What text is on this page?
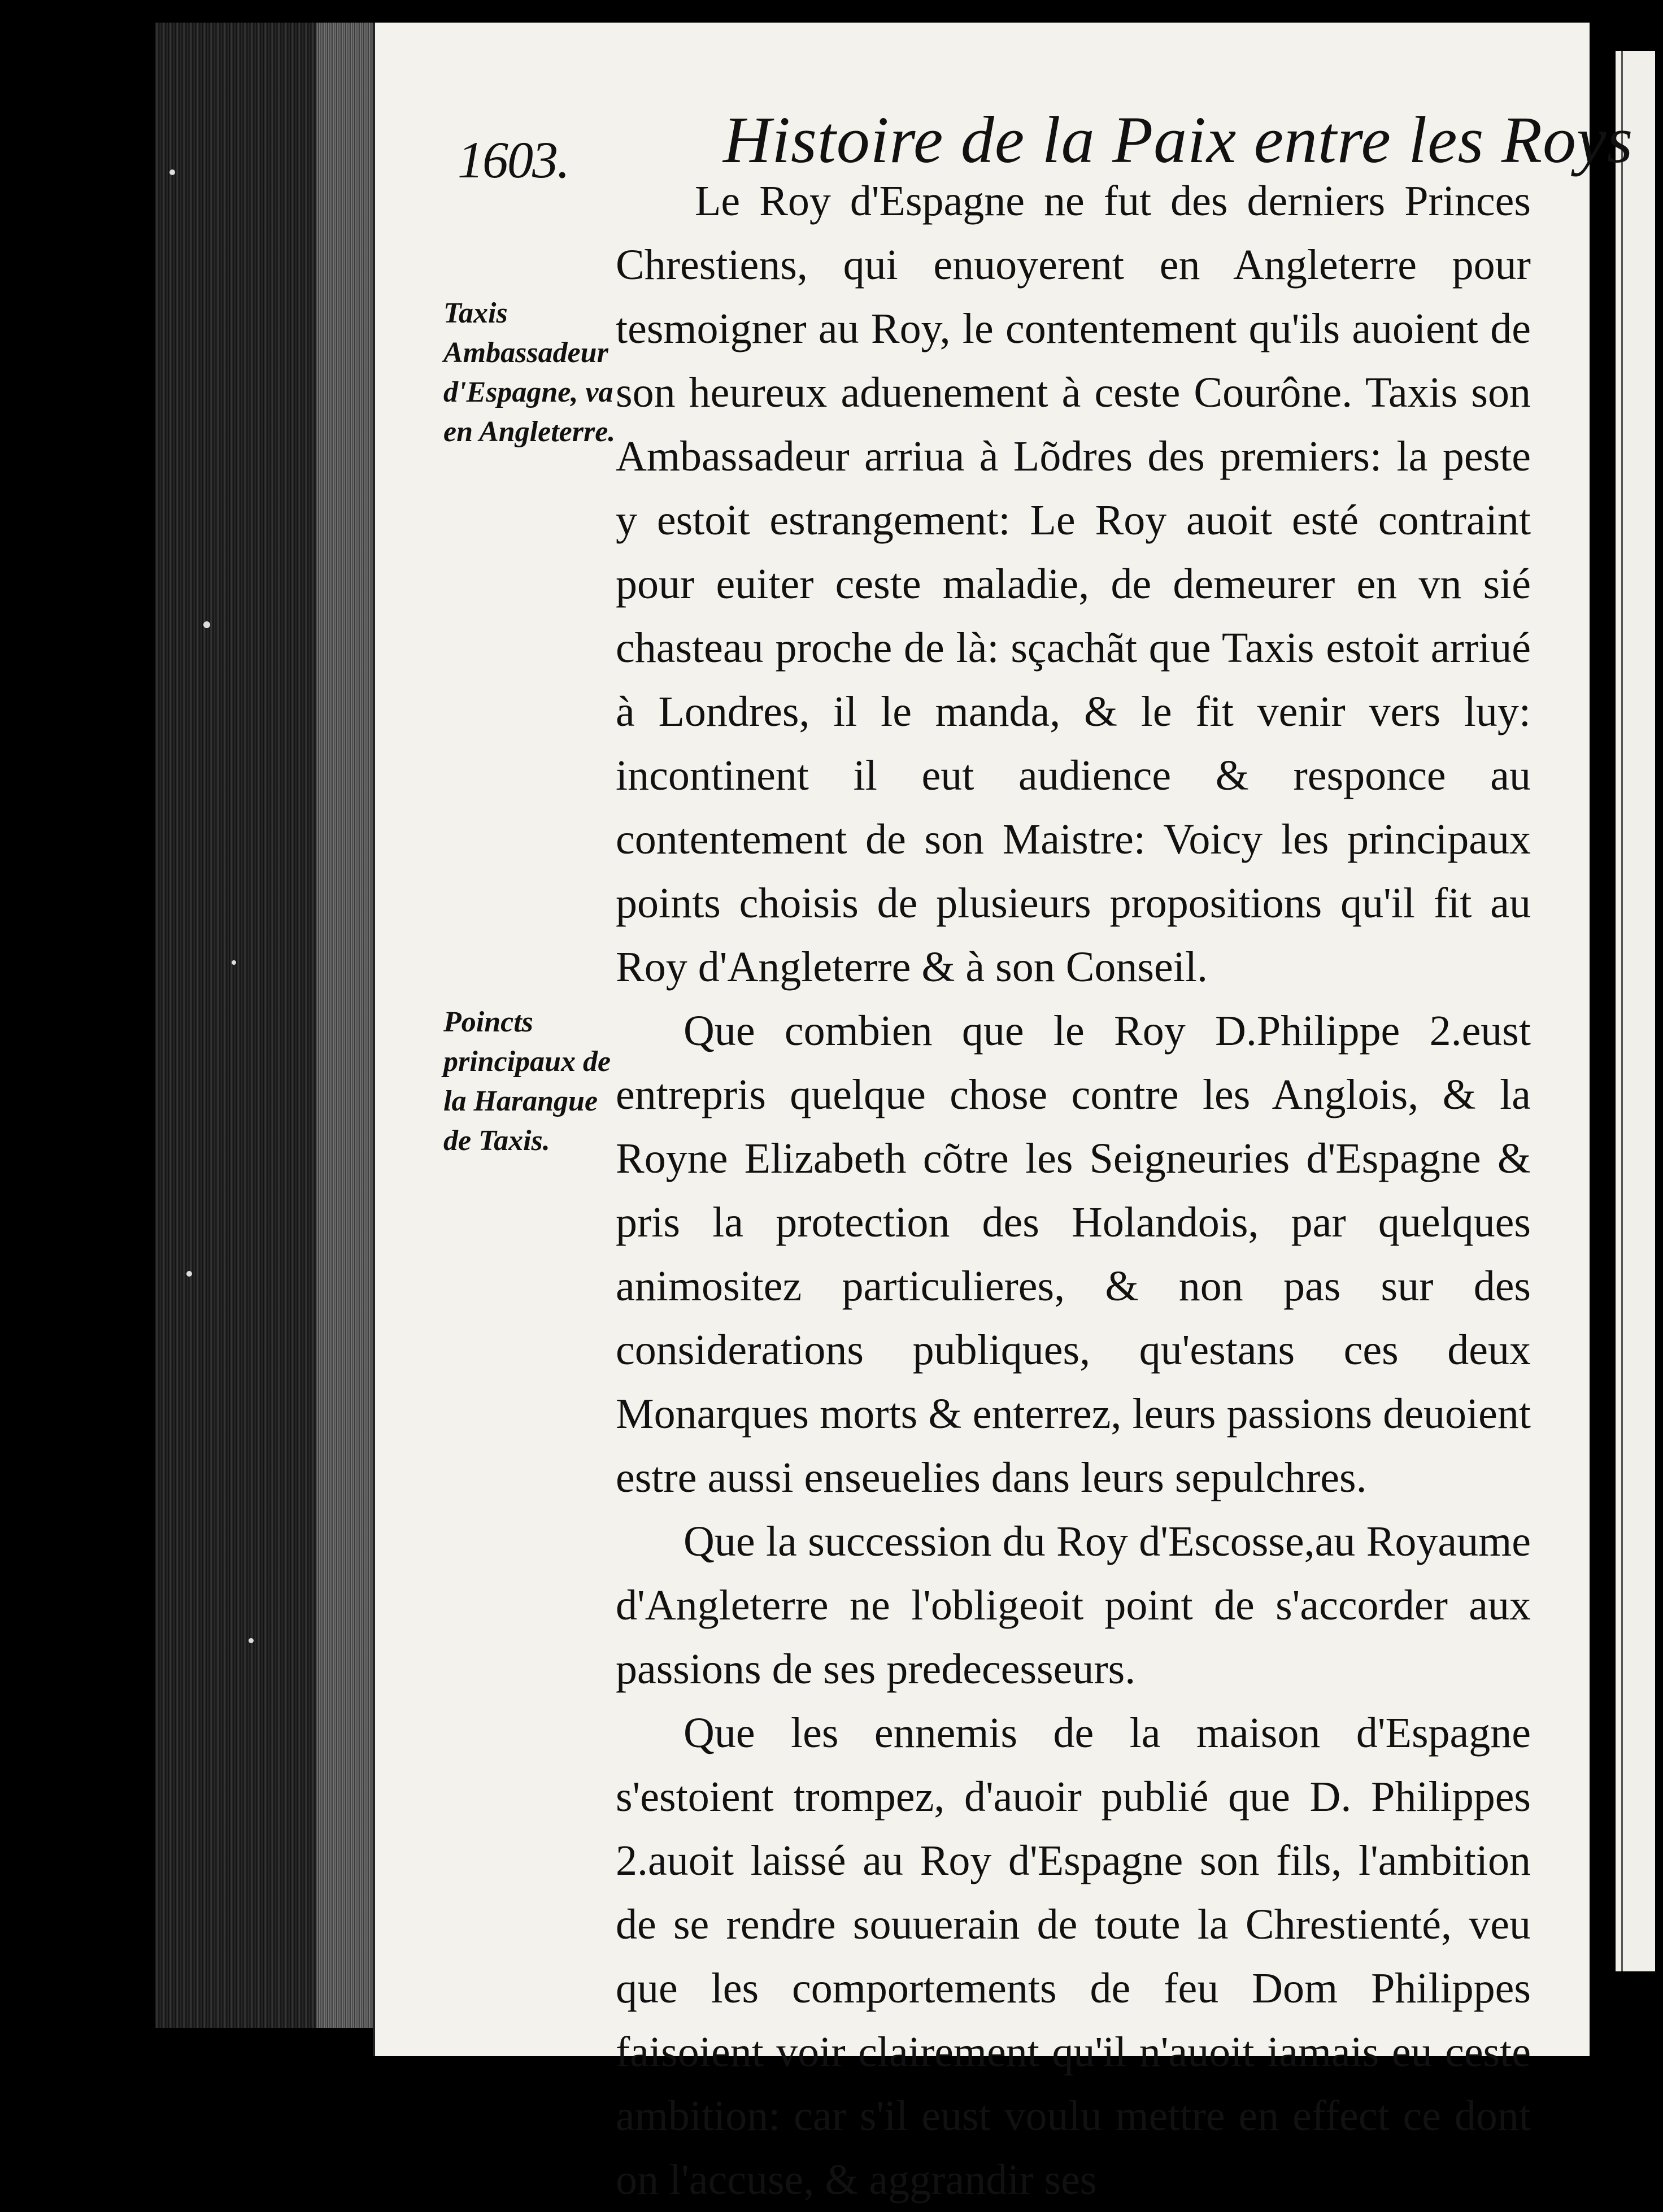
1603. Histoire de la Paix entre les Roys
Taxis Ambassadeur d'Espagne, va en Angleterre.
Poincts principaux de la Harangue de Taxis.

Le Roy d'Espagne ne fut des derniers Princes Chrestiens, qui enuoyerent en Angleterre pour tesmoigner au Roy, le contentement qu'ils auoient de son heureux aduenement à ceste Courône. Taxis son Ambassadeur arriua à Lõdres des premiers: la peste y estoit estrangement: Le Roy auoit esté contraint pour euiter ceste maladie, de demeurer en vn sié chasteau proche de là: sçachãt que Taxis estoit arriué à Londres, il le manda, & le fit venir vers luy: incontinent il eut audience & responce au contentement de son Maistre: Voicy les principaux points choisis de plusieurs propositions qu'il fit au Roy d'Angleterre & à son Conseil.

Que combien que le Roy D.Philippe 2.eust entrepris quelque chose contre les Anglois, & la Royne Elizabeth cõtre les Seigneuries d'Espagne & pris la protection des Holandois, par quelques animositez particulieres, & non pas sur des considerations publiques, qu'estans ces deux Monarques morts & enterrez, leurs passions deuoient estre aussi enseuelies dans leurs sepulchres.

Que la succession du Roy d'Escosse,au Royaume d'Angleterre ne l'obligeoit point de s'accorder aux passions de ses predecesseurs.

Que les ennemis de la maison d'Espagne s'estoient trompez, d'auoir publié que D. Philippes 2.auoit laissé au Roy d'Espagne son fils, l'ambition de se rendre souuerain de toute la Chrestienté, veu que les comportements de feu Dom Philippes faisoient voir clairement qu'il n'auoit iamais eu ceste ambition: car s'il eust voulu mettre en effect ce dont on l'accuse, & aggrandir ses
